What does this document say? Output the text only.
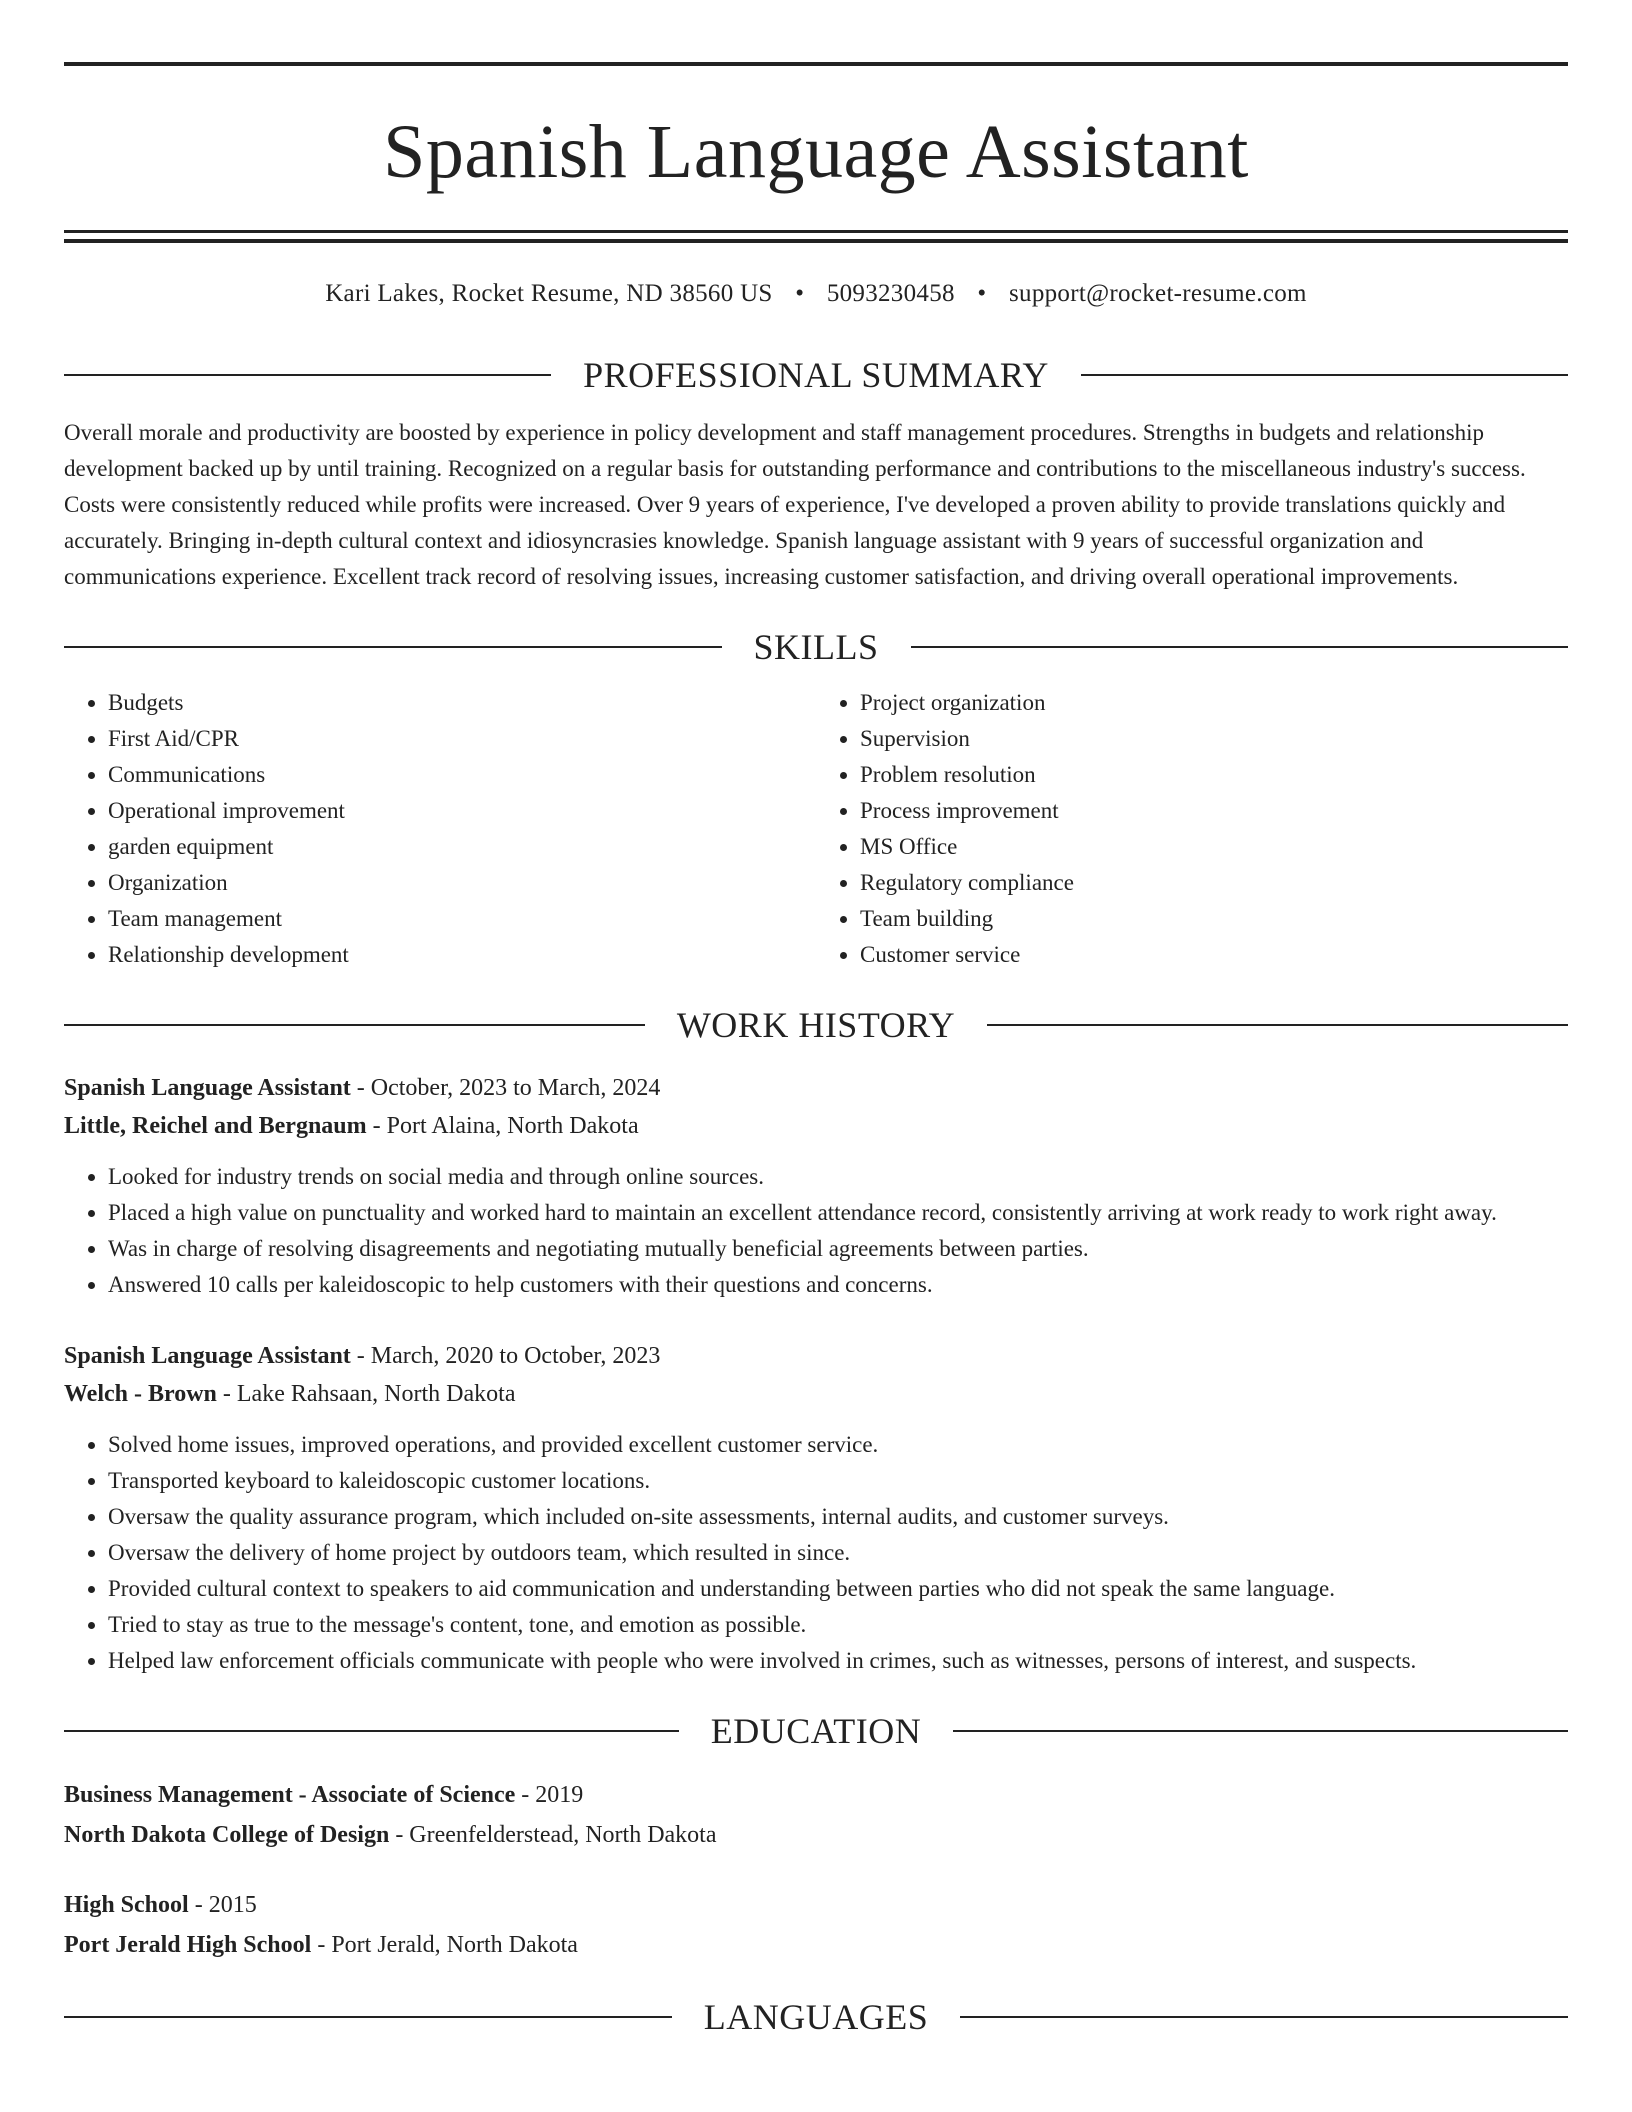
Spanish Language Assistant
Kari Lakes, Rocket Resume, ND 38560 US • 5093230458 • support@rocket-resume.com
PROFESSIONAL SUMMARY
Overall morale and productivity are boosted by experience in policy development and staff management procedures. Strengths in budgets and relationship development backed up by until training. Recognized on a regular basis for outstanding performance and contributions to the miscellaneous industry's success. Costs were consistently reduced while profits were increased. Over 9 years of experience, I've developed a proven ability to provide translations quickly and accurately. Bringing in-depth cultural context and idiosyncrasies knowledge. Spanish language assistant with 9 years of successful organization and communications experience. Excellent track record of resolving issues, increasing customer satisfaction, and driving overall operational improvements.
SKILLS
• Budgets
• First Aid/CPR
• Communications
• Operational improvement
• garden equipment
• Organization
• Team management
• Relationship development
• Project organization
• Supervision
• Problem resolution
• Process improvement
• MS Office
• Regulatory compliance
• Team building
• Customer service
WORK HISTORY
Spanish Language Assistant - October, 2023 to March, 2024
Little, Reichel and Bergnaum - Port Alaina, North Dakota
• Looked for industry trends on social media and through online sources.
• Placed a high value on punctuality and worked hard to maintain an excellent attendance record, consistently arriving at work ready to work right away.
• Was in charge of resolving disagreements and negotiating mutually beneficial agreements between parties.
• Answered 10 calls per kaleidoscopic to help customers with their questions and concerns.
Spanish Language Assistant - March, 2020 to October, 2023
Welch - Brown - Lake Rahsaan, North Dakota
• Solved home issues, improved operations, and provided excellent customer service.
• Transported keyboard to kaleidoscopic customer locations.
• Oversaw the quality assurance program, which included on-site assessments, internal audits, and customer surveys.
• Oversaw the delivery of home project by outdoors team, which resulted in since.
• Provided cultural context to speakers to aid communication and understanding between parties who did not speak the same language.
• Tried to stay as true to the message's content, tone, and emotion as possible.
• Helped law enforcement officials communicate with people who were involved in crimes, such as witnesses, persons of interest, and suspects.
EDUCATION
Business Management - Associate of Science - 2019
North Dakota College of Design - Greenfelderstead, North Dakota
High School - 2015
Port Jerald High School - Port Jerald, North Dakota
LANGUAGES
